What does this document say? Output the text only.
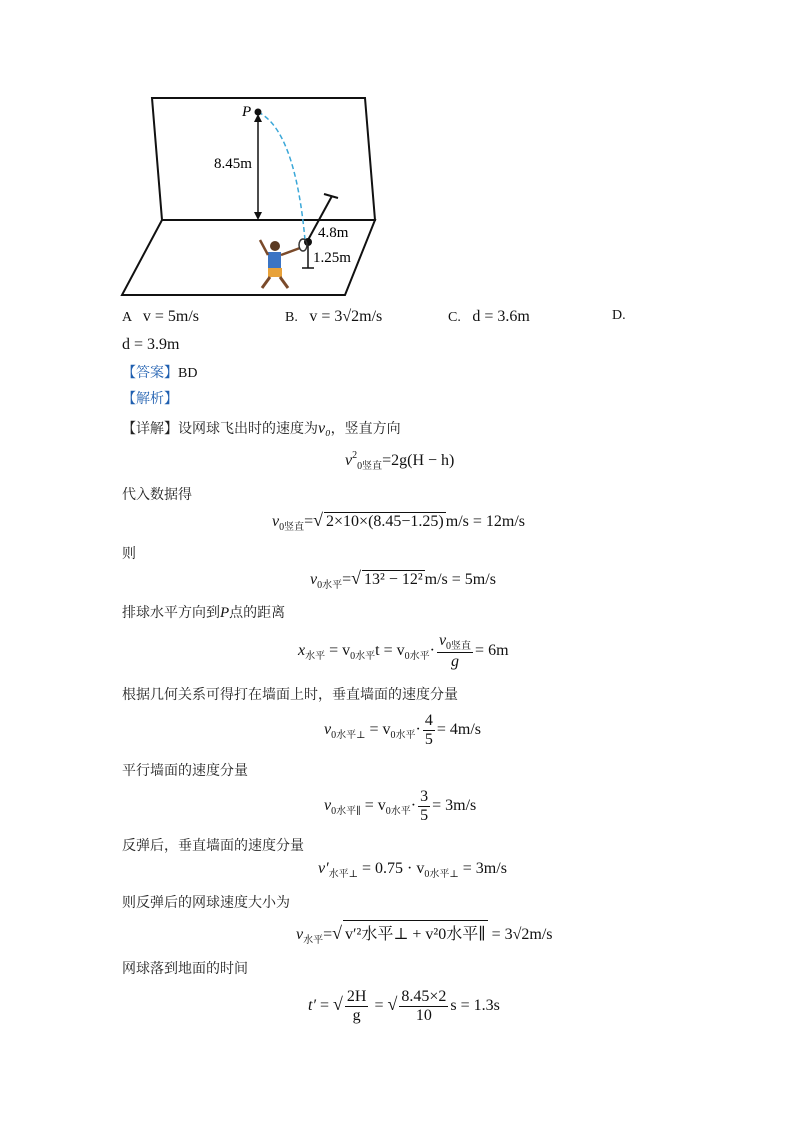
P
8.45m
4.8m
1.25m
A v = 5m/s	B. v = 3√2m/s	C. d = 3.6m	D.
d = 3.9m
【答案】BD
【解析】
【详解】设网球飞出时的速度为v₀，竖直方向
$v^2_{0竖直}=2g(H - h)$
代入数据得
$v_{0竖直}=√$ 2×10×(8.45−1.25) m/s = 12m/s
则
$v_{0水平}=√$ 13² − 12² m/s = 5m/s
排球水平方向到P点的距离
$x_{水平} = v_{0水平}t = v_{0水平}\cdot \frac{v_{0竖直}}{g} = 6m$
根据几何关系可得打在墙面上时，垂直墙面的速度分量
$v_{0水平\perp} = v_{0水平}\cdot \frac{4}{5} = 4m/s$
平行墙面的速度分量
$v_{0水平\parallel} = v_{0水平}\cdot \frac{3}{5} = 3m/s$
反弹后，垂直墙面的速度分量
$v'_{水平\perp} = 0.75 \cdot v_{0水平\perp} = 3m/s$
则反弹后的网球速度大小为
$v_{水平}=√$ v′²水平⊥ + v²0水平∥ = 3√2m/s
网球落到地面的时间
t′ = √ $\frac{2H}{g}$ = √ $\frac{8.45\times 2}{10}$ s = 1.3s
